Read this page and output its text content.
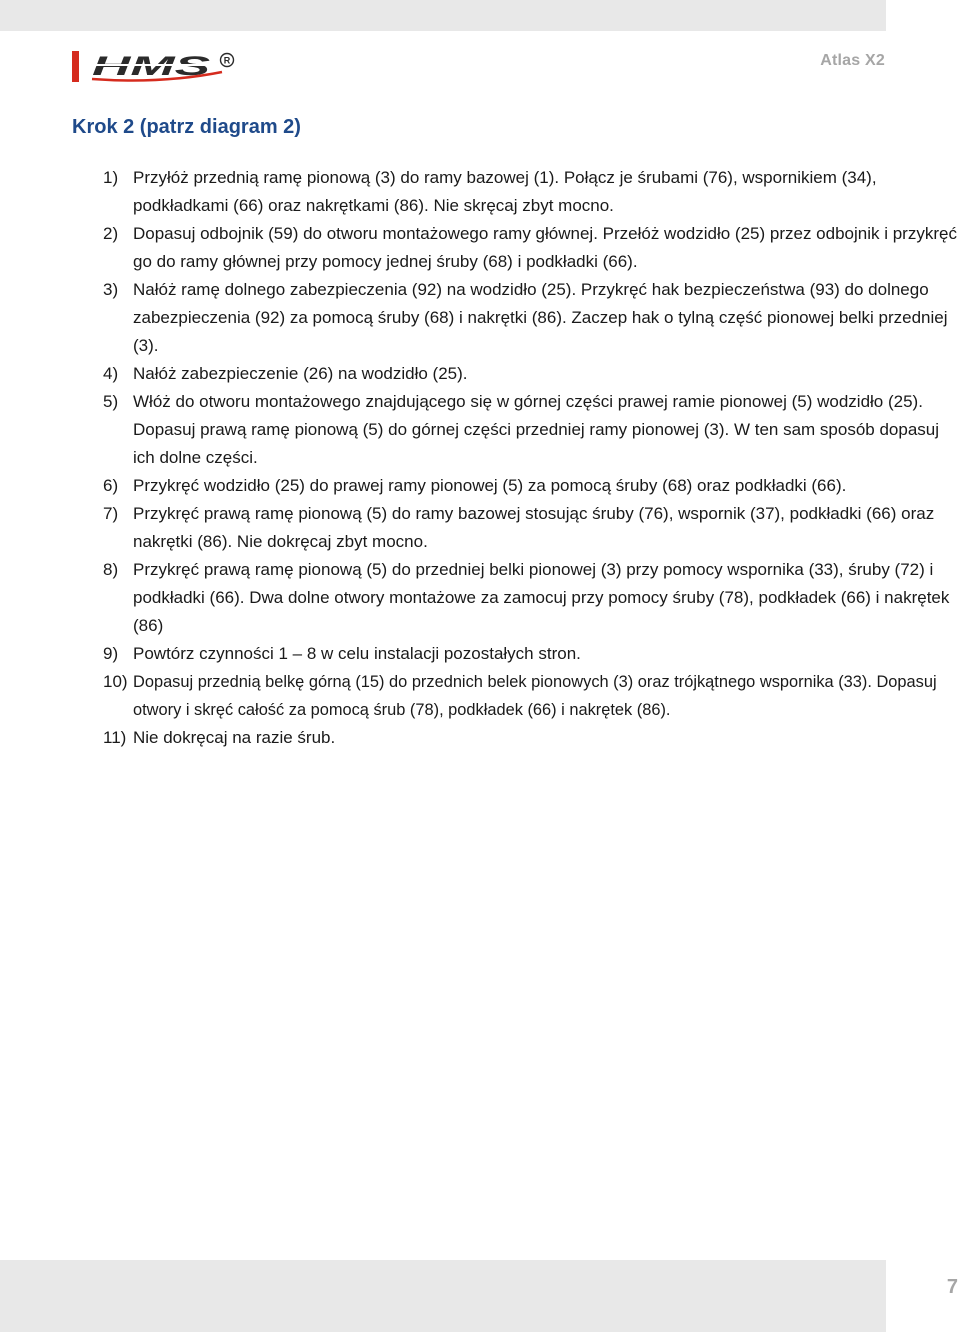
HMS R	Atlas X2
Krok 2 (patrz diagram 2)
1) Przyłóż przednią ramę pionową (3) do ramy bazowej (1). Połącz je śrubami (76), wspornikiem (34), podkładkami (66) oraz nakrętkami (86). Nie skręcaj zbyt mocno.
2) Dopasuj odbojnik (59) do otworu montażowego ramy głównej. Przełóż wodzidło (25) przez odbojnik i przykręć go do ramy głównej przy pomocy jednej śruby (68) i podkładki (66).
3) Nałóż ramę dolnego zabezpieczenia (92) na wodzidło (25). Przykręć hak bezpieczeństwa (93) do dolnego zabezpieczenia (92) za pomocą śruby (68) i nakrętki (86). Zaczep hak o tylną część pionowej belki przedniej (3).
4) Nałóż zabezpieczenie (26) na wodzidło (25).
5) Włóż do otworu montażowego znajdującego się w górnej części prawej ramie pionowej (5) wodzidło (25). Dopasuj prawą ramę pionową (5) do górnej części przedniej ramy pionowej (3). W ten sam sposób dopasuj ich dolne części.
6) Przykręć wodzidło (25) do prawej ramy pionowej (5) za pomocą śruby (68) oraz podkładki (66).
7) Przykręć prawą ramę pionową (5) do ramy bazowej stosując śruby (76), wspornik (37), podkładki (66) oraz nakrętki (86). Nie dokręcaj zbyt mocno.
8) Przykręć prawą ramę pionową (5) do przedniej belki pionowej (3) przy pomocy wspornika (33), śruby (72) i podkładki (66). Dwa dolne otwory montażowe za zamocuj przy pomocy śruby (78), podkładek (66) i nakrętek (86)
9) Powtórz czynności 1 – 8 w celu instalacji pozostałych stron.
10) Dopasuj przednią belkę górną (15) do przednich belek pionowych (3) oraz trójkątnego wspornika (33). Dopasuj otwory i skręć całość za pomocą śrub (78), podkładek (66) i nakrętek (86).
11) Nie dokręcaj na razie śrub.
7
